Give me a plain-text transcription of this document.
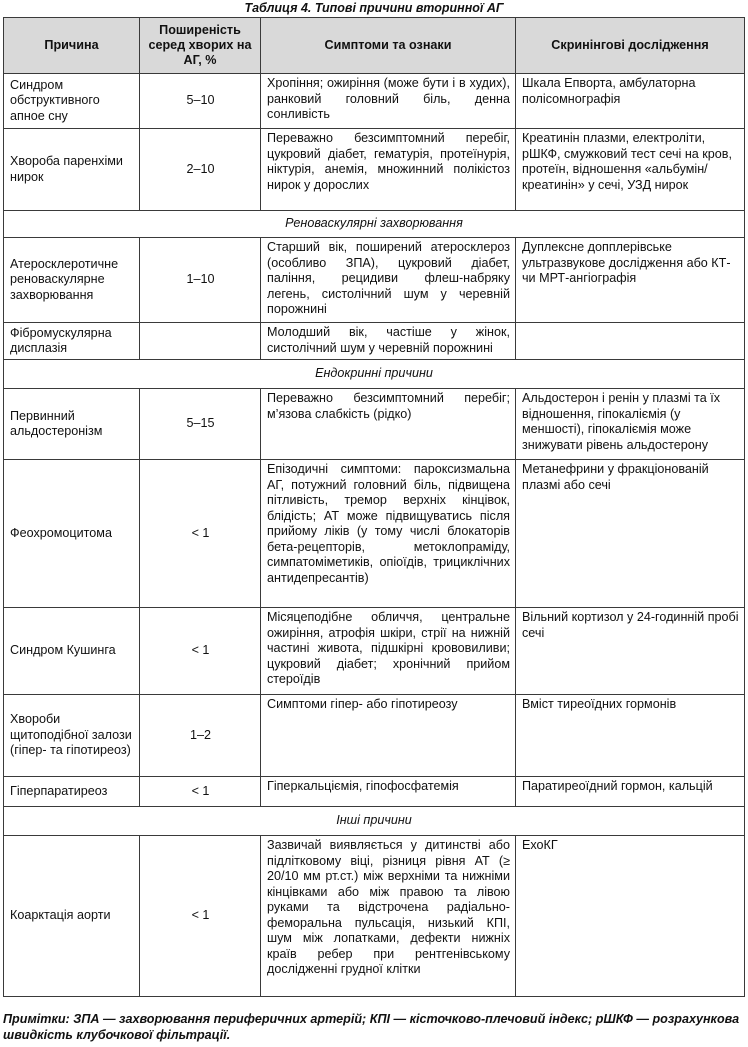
Таблиця 4. Типові причини вторинної АГ
Причина	Поширеність серед хворих на АГ, %	Симптоми та ознаки	Скринінгові дослідження
Синдром обструктивного апное сну	5–10	Хропіння; ожиріння (може бути і в худих), ранковий головний біль, денна сонливість	Шкала Епворта, амбулаторна полісомнографія
Хвороба паренхіми нирок	2–10	Переважно безсимптомний перебіг, цукровий діабет, гематурія, протеїнурія, ніктурія, анемія, множинний полікістоз нирок у дорослих	Креатинін плазми, електроліти, рШКФ, смужковий тест сечі на кров, протеїн, відношення «альбумін/креатинін» у сечі, УЗД нирок
Реноваскулярні захворювання			
Атеросклеротичне реноваскулярне захворювання	1–10	Старший вік, поширений атеросклероз (особливо ЗПА), цукровий діабет, паління, рецидиви флеш-набряку легень, систолічний шум у черевній порожнині	Дуплексне допплерівське ультразвукове дослідження або КТ- чи МРТ-ангіографія
Фібромускулярна дисплазія		Молодший вік, частіше у жінок, систолічний шум у черевній порожнині	
Ендокринні причини			
Первинний альдостеронізм	5–15	Переважно безсимптомний перебіг; м’язова слабкість (рідко)	Альдостерон і ренін у плазмі та їх відношення, гіпокаліємія (у меншості), гіпокаліємія може знижувати рівень альдостерону
Феохромоцитома	< 1	Епізодичні симптоми: пароксизмальна АГ, потужний головний біль, підвищена пітливість, тремор верхніх кінцівок, блідість; АТ може підвищуватись після прийому ліків (у тому числі блокаторів бета-рецепторів, метоклопраміду, симпатоміметиків, опіоїдів, трициклічних антидепресантів)	Метанефрини у фракціонованій плазмі або сечі
Синдром Кушинга	< 1	Місяцеподібне обличчя, центральне ожиріння, атрофія шкіри, стрії на нижній частині живота, підшкірні крововиливи; цукровий діабет; хронічний прийом стероїдів	Вільний кортизол у 24-годинній пробі сечі
Хвороби щитоподібної залози (гіпер- та гіпотиреоз)	1–2	Симптоми гіпер- або гіпотиреозу	Вміст тиреоїдних гормонів
Гіперпаратиреоз	< 1	Гіперкальціємія, гіпофосфатемія	Паратиреоїдний гормон, кальцій
Інші причини			
Коарктація аорти	< 1	Зазвичай виявляється у дитинстві або підлітковому віці, різниця рівня АТ (≥ 20/10 мм рт.ст.) між верхніми та нижніми кінцівками або між правою та лівою руками та відстрочена радіально-феморальна пульсація, низький КПІ, шум між лопатками, дефекти нижніх країв ребер при рентгенівському дослідженні грудної клітки	ЕхоКГ
Примітки: ЗПА — захворювання периферичних артерій; КПІ — кісточково-плечовий індекс; рШКФ — розрахункова швидкість клубочкової фільтрації.
